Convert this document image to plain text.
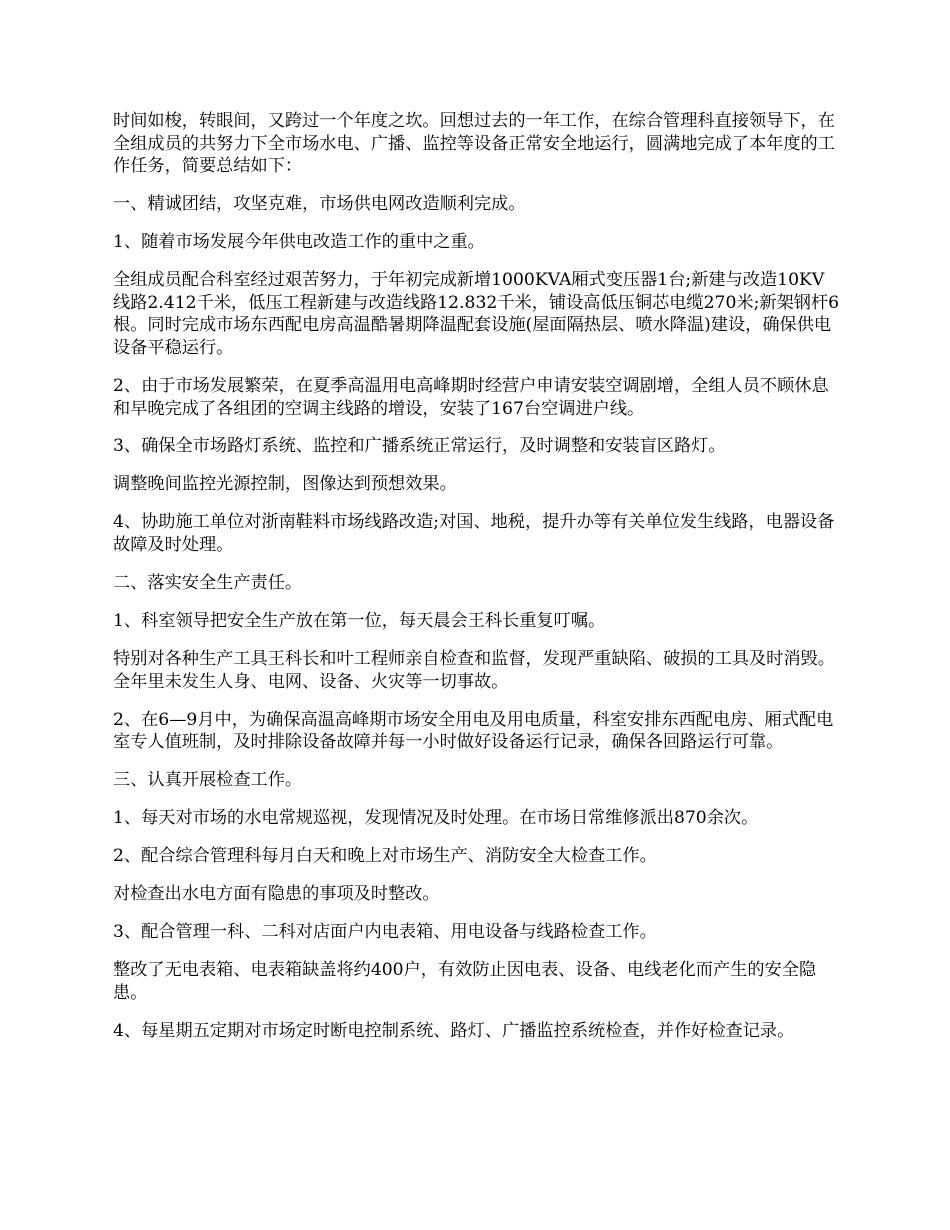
时间如梭，转眼间，又跨过一个年度之坎。回想过去的一年工作，在综合管理科直接领导下，在全组成员的共努力下全市场水电、广播、监控等设备正常安全地运行，圆满地完成了本年度的工作任务，简要总结如下：

一、精诚团结，攻坚克难，市场供电网改造顺利完成。

1、随着市场发展今年供电改造工作的重中之重。

全组成员配合科室经过艰苦努力，于年初完成新增1000KVA厢式变压器1台;新建与改造10KV线路2.412千米，低压工程新建与改造线路12.832千米，铺设高低压铜芯电缆270米;新架钢杆6根。同时完成市场东西配电房高温酷暑期降温配套设施(屋面隔热层、喷水降温)建设，确保供电设备平稳运行。

2、由于市场发展繁荣，在夏季高温用电高峰期时经营户申请安装空调剧增，全组人员不顾休息和早晚完成了各组团的空调主线路的增设，安装了167台空调进户线。

3、确保全市场路灯系统、监控和广播系统正常运行，及时调整和安装盲区路灯。

调整晚间监控光源控制，图像达到预想效果。

4、协助施工单位对浙南鞋料市场线路改造;对国、地税，提升办等有关单位发生线路，电器设备故障及时处理。

二、落实安全生产责任。

1、科室领导把安全生产放在第一位，每天晨会王科长重复叮嘱。

特别对各种生产工具王科长和叶工程师亲自检查和监督，发现严重缺陷、破损的工具及时消毁。全年里未发生人身、电网、设备、火灾等一切事故。

2、在6—9月中，为确保高温高峰期市场安全用电及用电质量，科室安排东西配电房、厢式配电室专人值班制，及时排除设备故障并每一小时做好设备运行记录，确保各回路运行可靠。

三、认真开展检查工作。

1、每天对市场的水电常规巡视，发现情况及时处理。在市场日常维修派出870余次。

2、配合综合管理科每月白天和晚上对市场生产、消防安全大检查工作。

对检查出水电方面有隐患的事项及时整改。

3、配合管理一科、二科对店面户内电表箱、用电设备与线路检查工作。

整改了无电表箱、电表箱缺盖将约400户，有效防止因电表、设备、电线老化而产生的安全隐患。

4、每星期五定期对市场定时断电控制系统、路灯、广播监控系统检查，并作好检查记录。
